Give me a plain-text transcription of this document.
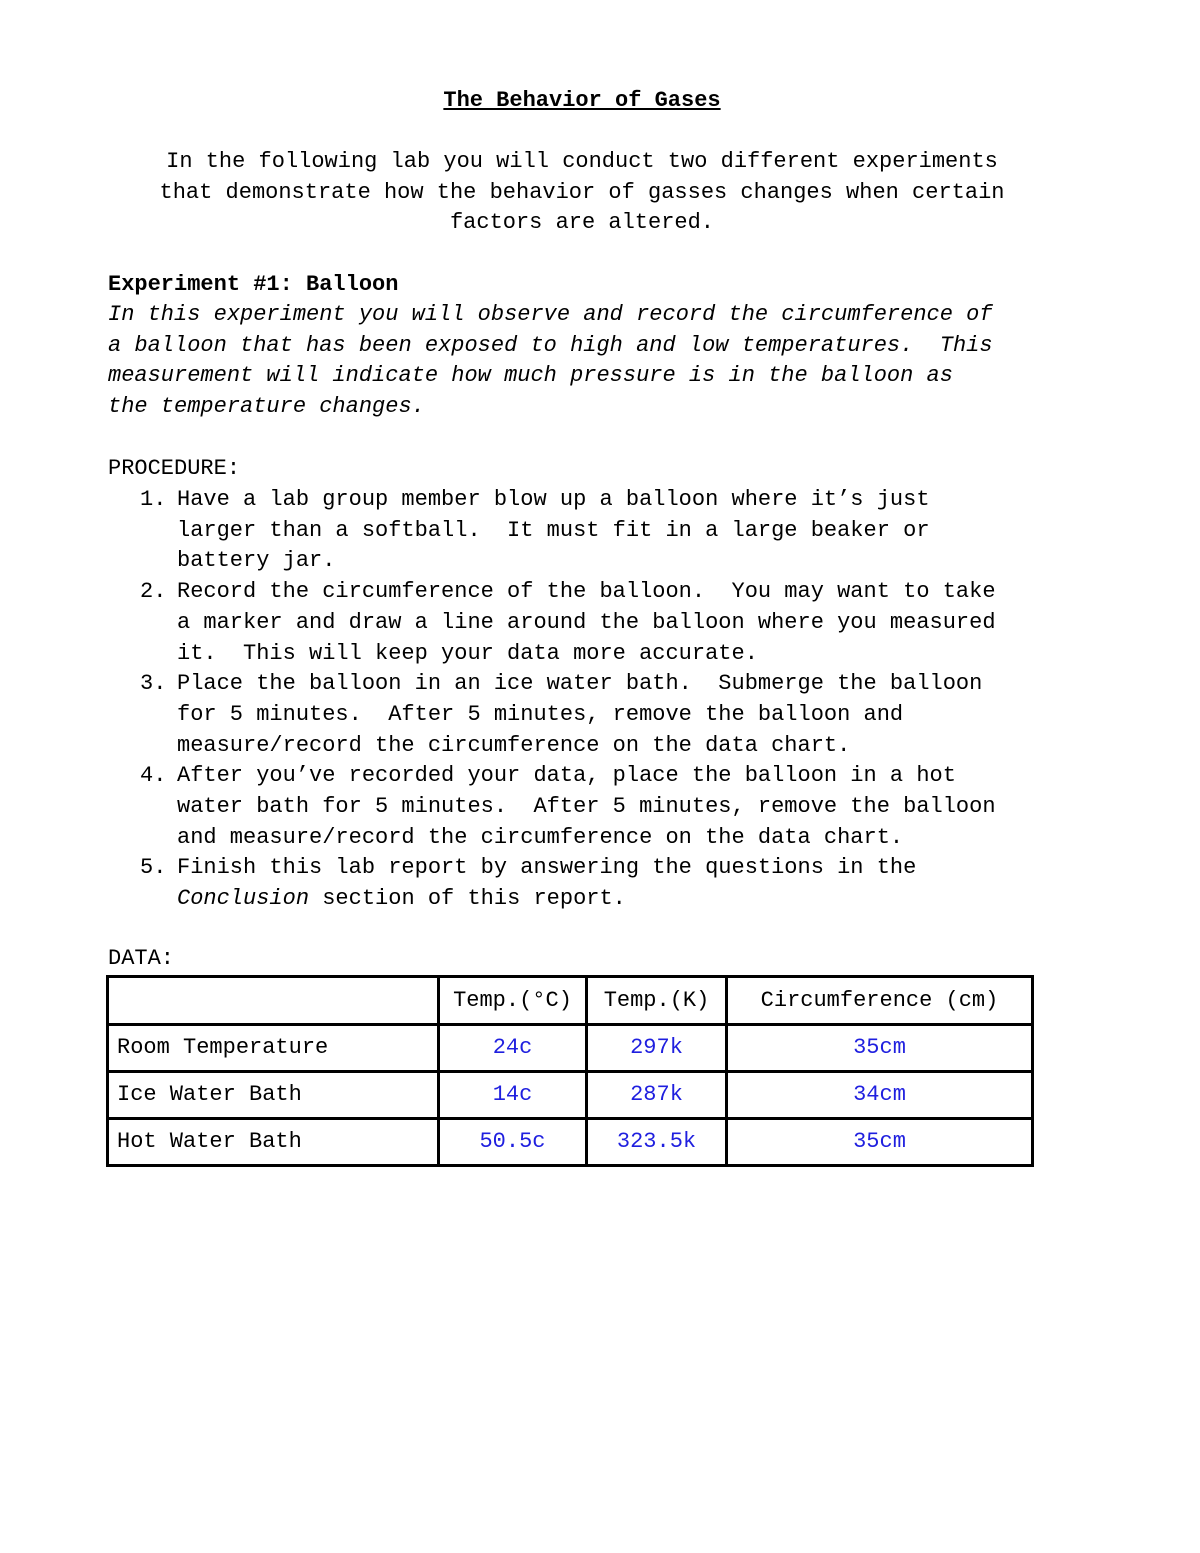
The Behavior of Gases
In the following lab you will conduct two different experiments
that demonstrate how the behavior of gasses changes when certain
factors are altered.
Experiment #1: Balloon
In this experiment you will observe and record the circumference of
a balloon that has been exposed to high and low temperatures.  This
measurement will indicate how much pressure is in the balloon as
the temperature changes.
PROCEDURE:
1. Have a lab group member blow up a balloon where it’s just
larger than a softball.  It must fit in a large beaker or
battery jar.
2. Record the circumference of the balloon.  You may want to take
a marker and draw a line around the balloon where you measured
it.  This will keep your data more accurate.
3. Place the balloon in an ice water bath.  Submerge the balloon
for 5 minutes.  After 5 minutes, remove the balloon and
measure/record the circumference on the data chart.
4. After you’ve recorded your data, place the balloon in a hot
water bath for 5 minutes.  After 5 minutes, remove the balloon
and measure/record the circumference on the data chart.
5. Finish this lab report by answering the questions in the
Conclusion section of this report.
DATA:
	Temp.(°C)	Temp.(K)	Circumference (cm)
Room Temperature	24c	297k	35cm
Ice Water Bath	14c	287k	34cm
Hot Water Bath	50.5c	323.5k	35cm
